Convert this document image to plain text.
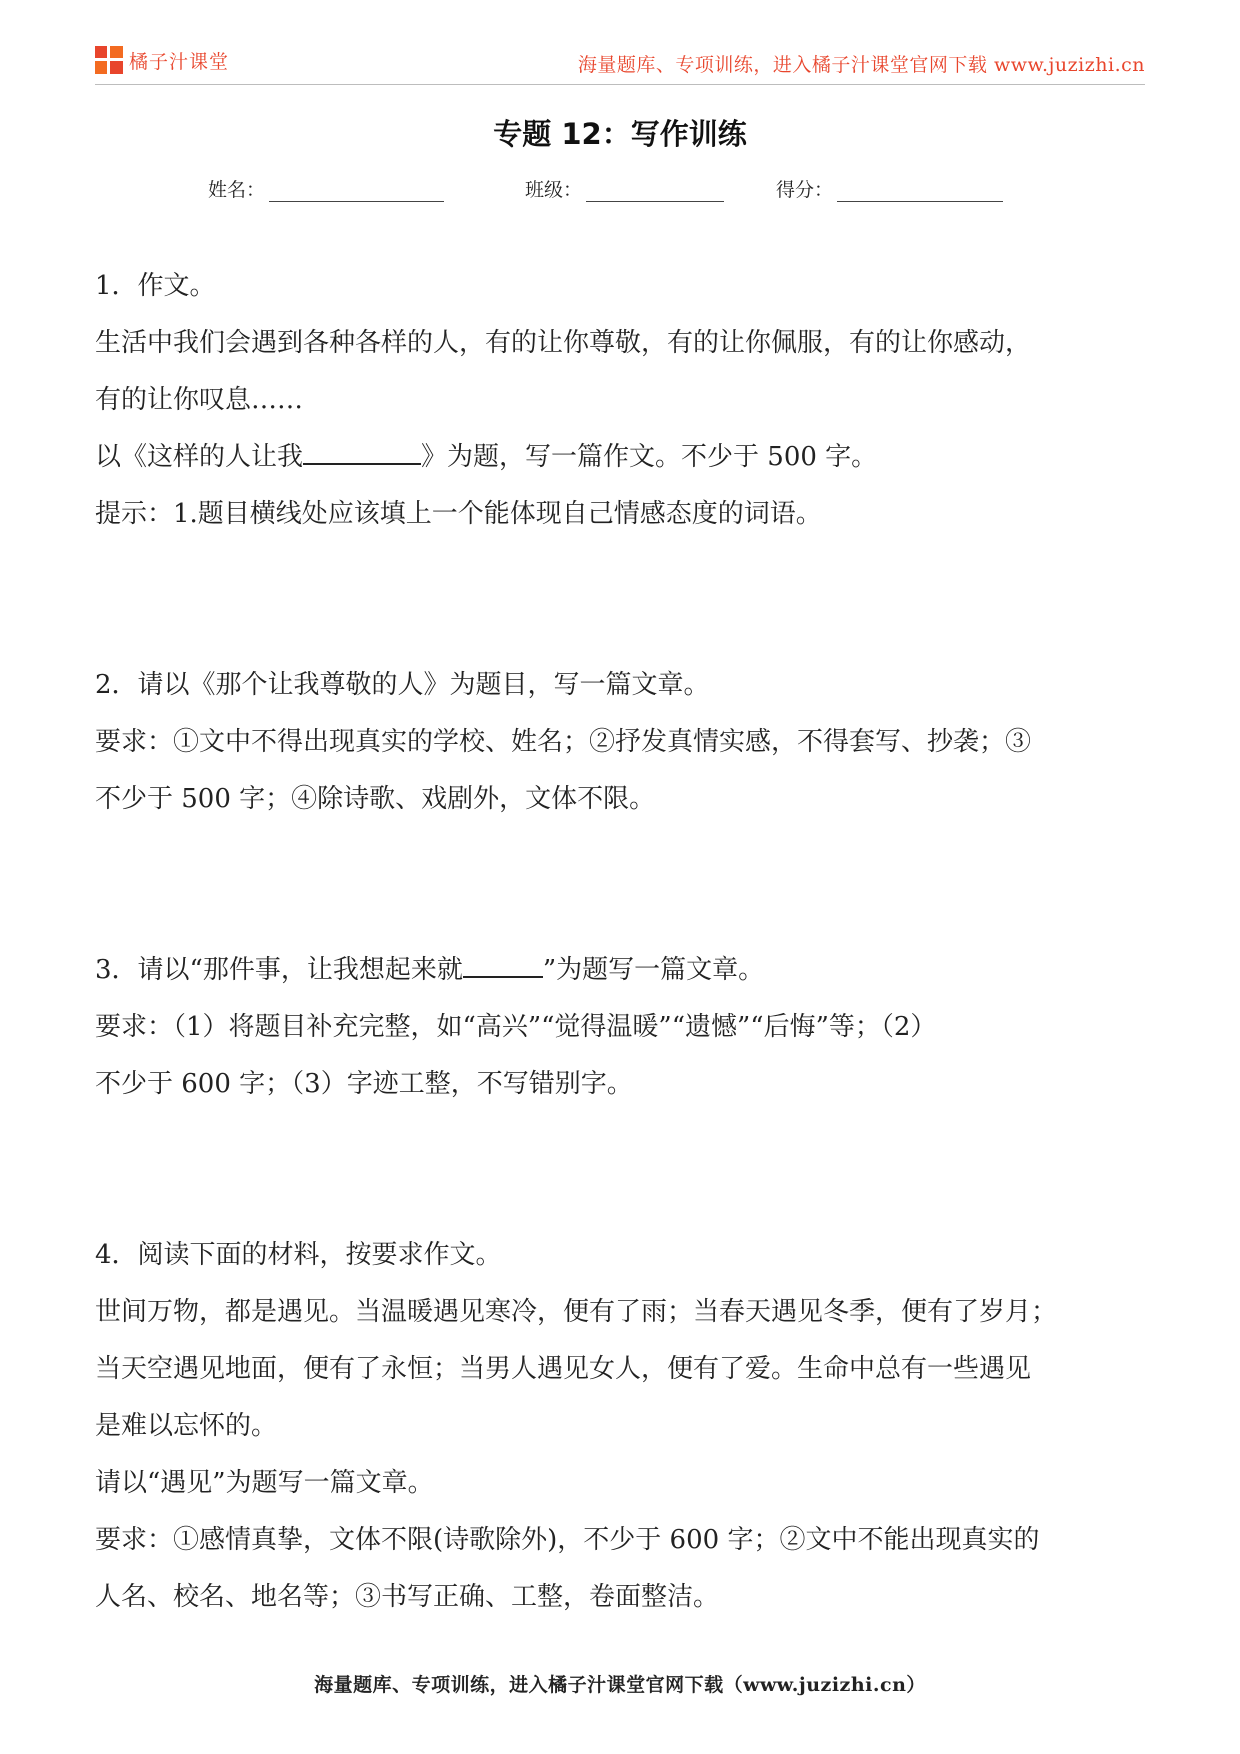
橘子汁课堂	海量题库、专项训练，进入橘子汁课堂官网下载 www.juzizhi.cn
专题 12：写作训练
姓名：	班级：	得分：

1．作文。

生活中我们会遇到各种各样的人，有的让你尊敬，有的让你佩服，有的让你感动，

有的让你叹息……

以《这样的人让我	》为题，写一篇作文。不少于 500 字。

提示：1.题目横线处应该填上一个能体现自己情感态度的词语。

2．请以《那个让我尊敬的人》为题目，写一篇文章。

要求：①文中不得出现真实的学校、姓名；②抒发真情实感，不得套写、抄袭；③

不少于 500 字；④除诗歌、戏剧外，文体不限。

3．请以“那件事，让我想起来就	”为题写一篇文章。

要求：（1）将题目补充完整，如“高兴”“觉得温暖”“遗憾”“后悔”等；（2）

不少于 600 字；（3）字迹工整，不写错别字。

4．阅读下面的材料，按要求作文。

世间万物，都是遇见。当温暖遇见寒冷，便有了雨；当春天遇见冬季，便有了岁月；

当天空遇见地面，便有了永恒；当男人遇见女人，便有了爱。生命中总有一些遇见

是难以忘怀的。

请以“遇见”为题写一篇文章。

要求：①感情真挚，文体不限(诗歌除外)，不少于 600 字；②文中不能出现真实的

人名、校名、地名等；③书写正确、工整，卷面整洁。

海量题库、专项训练，进入橘子汁课堂官网下载（www.juzizhi.cn）
